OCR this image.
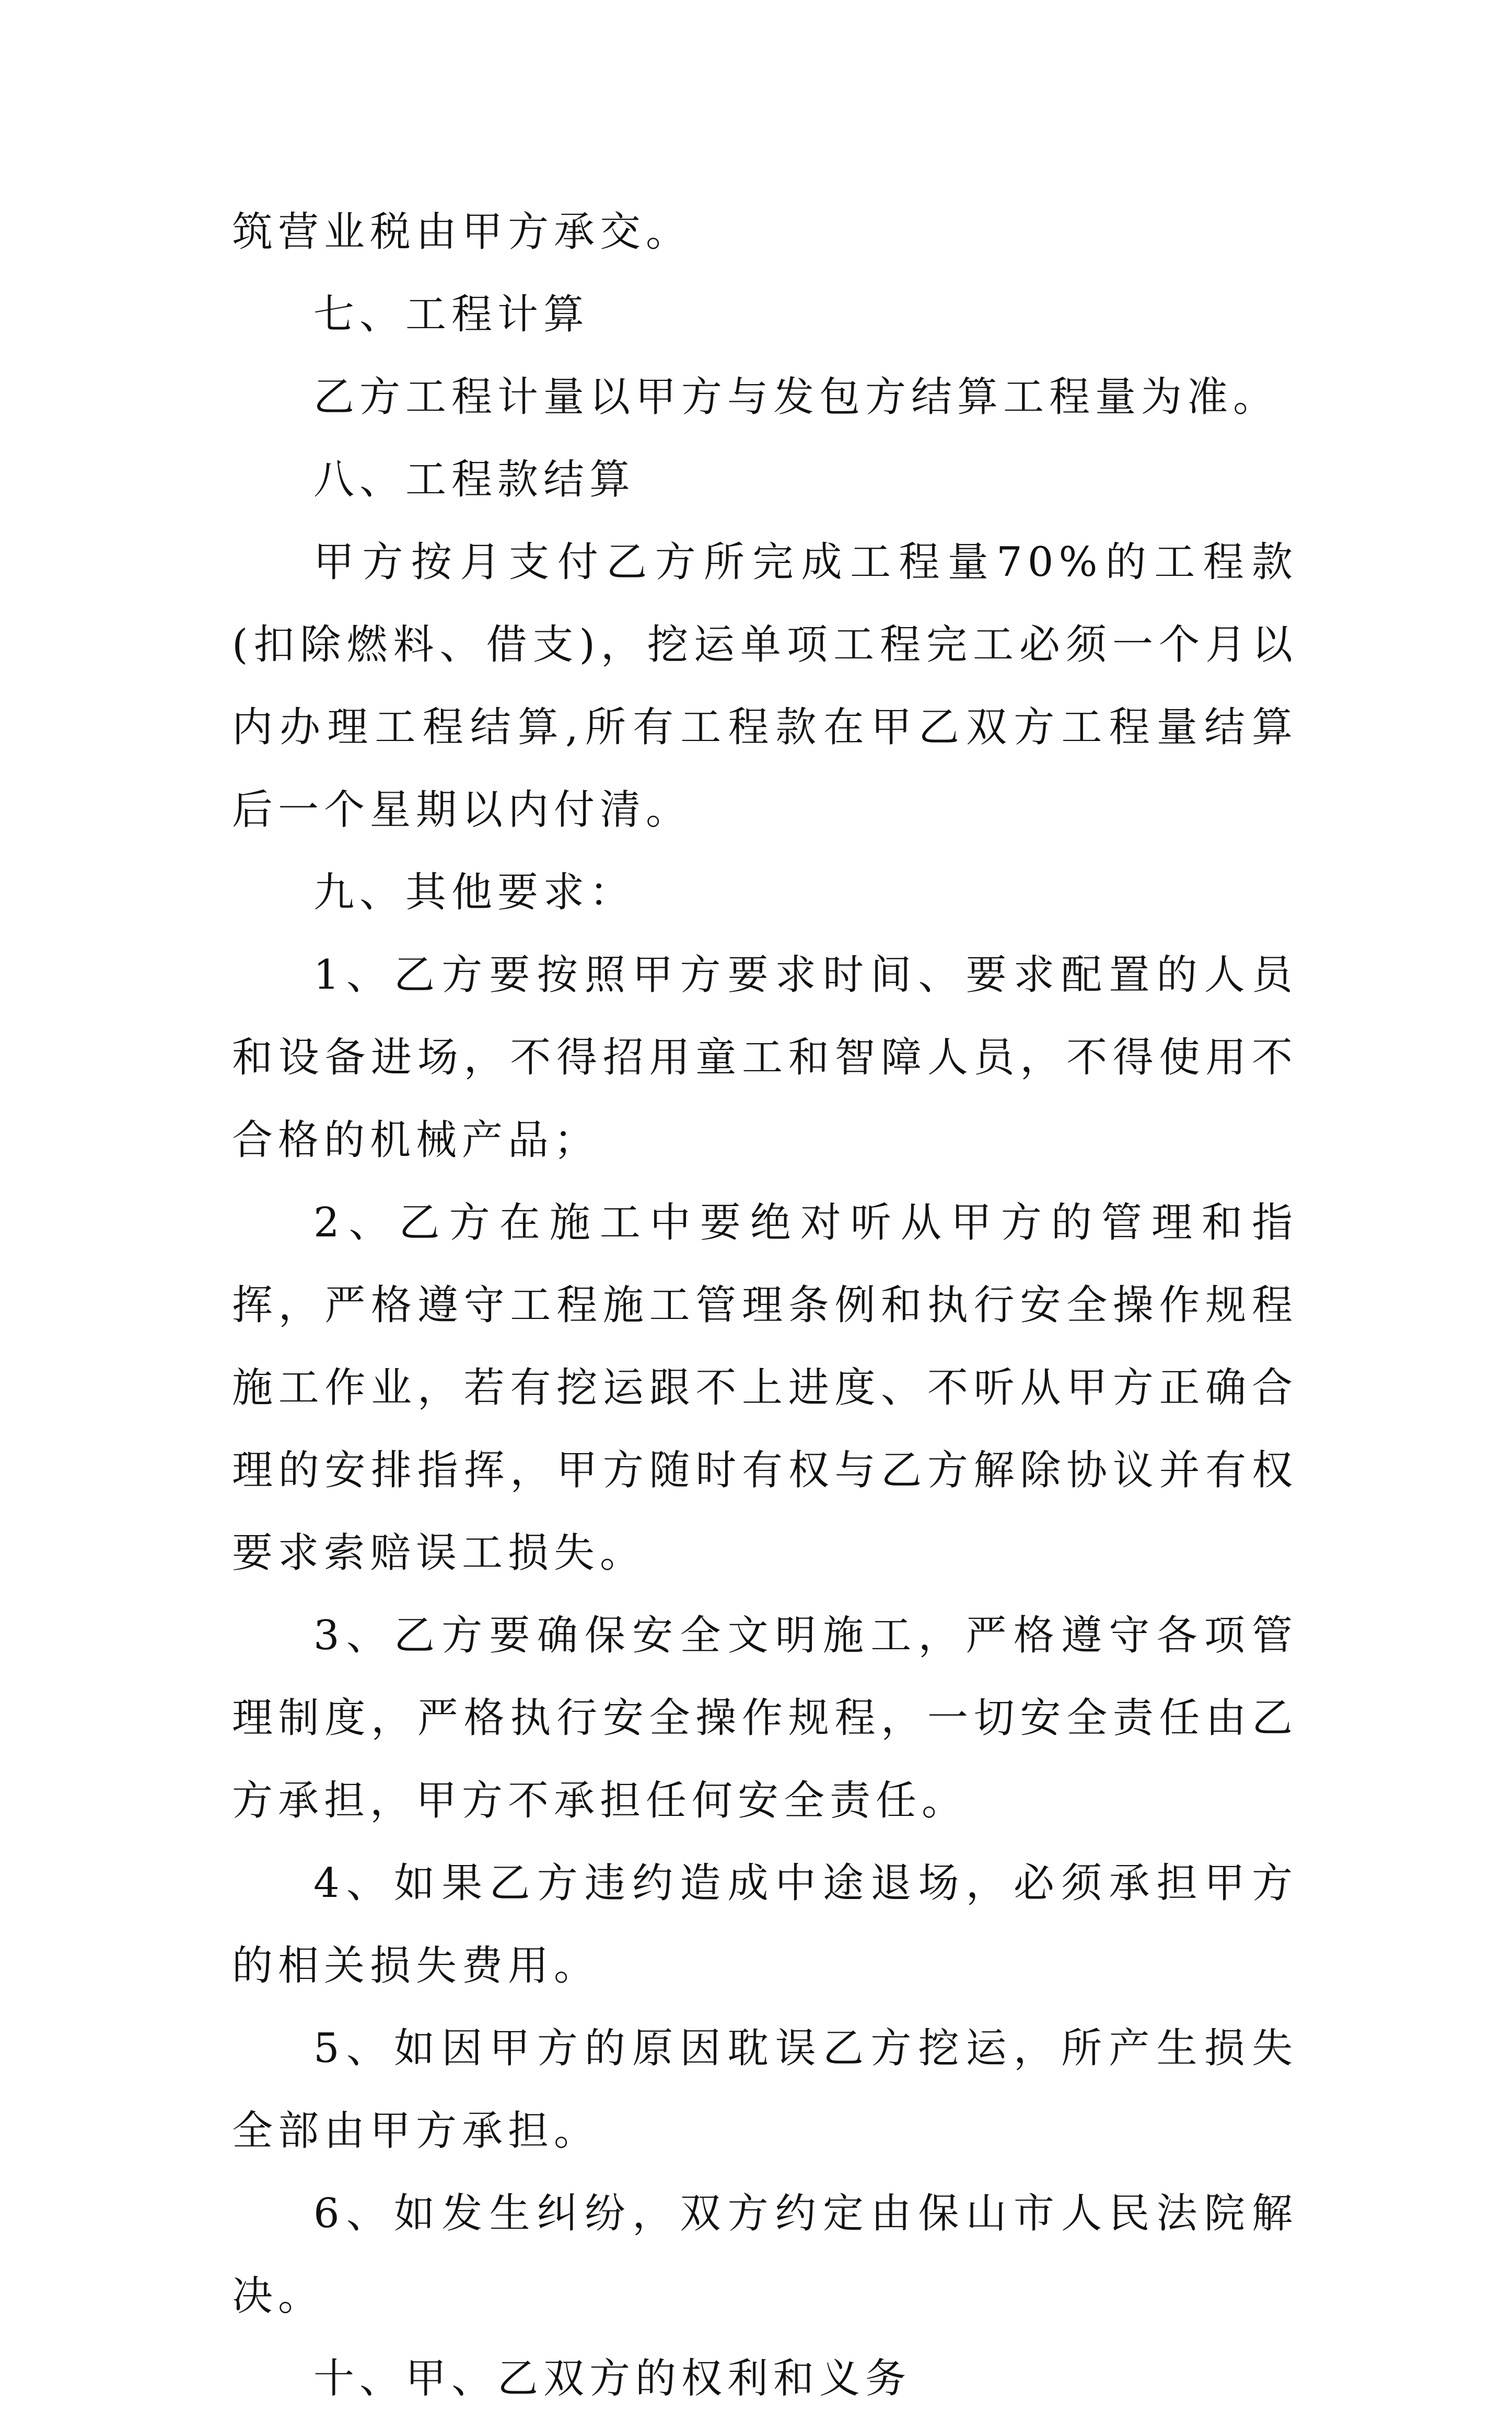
筑营业税由甲方承交。

七、工程计算

乙方工程计量以甲方与发包方结算工程量为准。

八、工程款结算

甲方按月支付乙方所完成工程量70%的工程款(扣除燃料、借支)，挖运单项工程完工必须一个月以内办理工程结算,所有工程款在甲乙双方工程量结算后一个星期以内付清。

九、其他要求：

1、乙方要按照甲方要求时间、要求配置的人员和设备进场，不得招用童工和智障人员，不得使用不合格的机械产品；

2、乙方在施工中要绝对听从甲方的管理和指挥，严格遵守工程施工管理条例和执行安全操作规程施工作业，若有挖运跟不上进度、不听从甲方正确合理的安排指挥，甲方随时有权与乙方解除协议并有权要求索赔误工损失。

3、乙方要确保安全文明施工，严格遵守各项管理制度，严格执行安全操作规程，一切安全责任由乙方承担，甲方不承担任何安全责任。

4、如果乙方违约造成中途退场，必须承担甲方的相关损失费用。

5、如因甲方的原因耽误乙方挖运，所产生损失全部由甲方承担。

6、如发生纠纷，双方约定由保山市人民法院解决。

十、甲、乙双方的权利和义务
